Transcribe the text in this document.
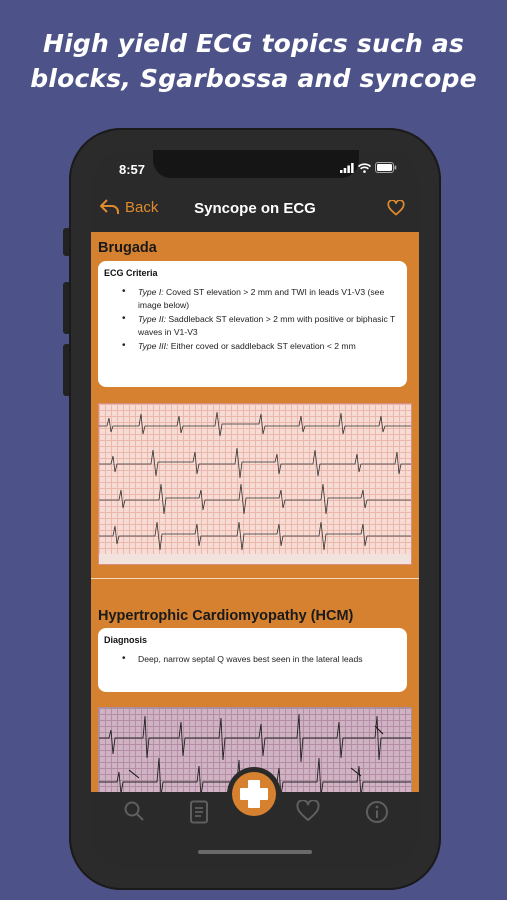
High yield ECG topics such as
blocks, Sgarbossa and syncope
8:57
Back	Syncope on ECG
Brugada
ECG Criteria
• Type I: Coved ST elevation > 2 mm and TWI in leads V1-V3 (see image below)
• Type II: Saddleback ST elevation > 2 mm with positive or biphasic T waves in V1-V3
• Type III: Either coved or saddleback ST elevation < 2 mm
Hypertrophic Cardiomyopathy (HCM)
Diagnosis
• Deep, narrow septal Q waves best seen in the lateral leads
